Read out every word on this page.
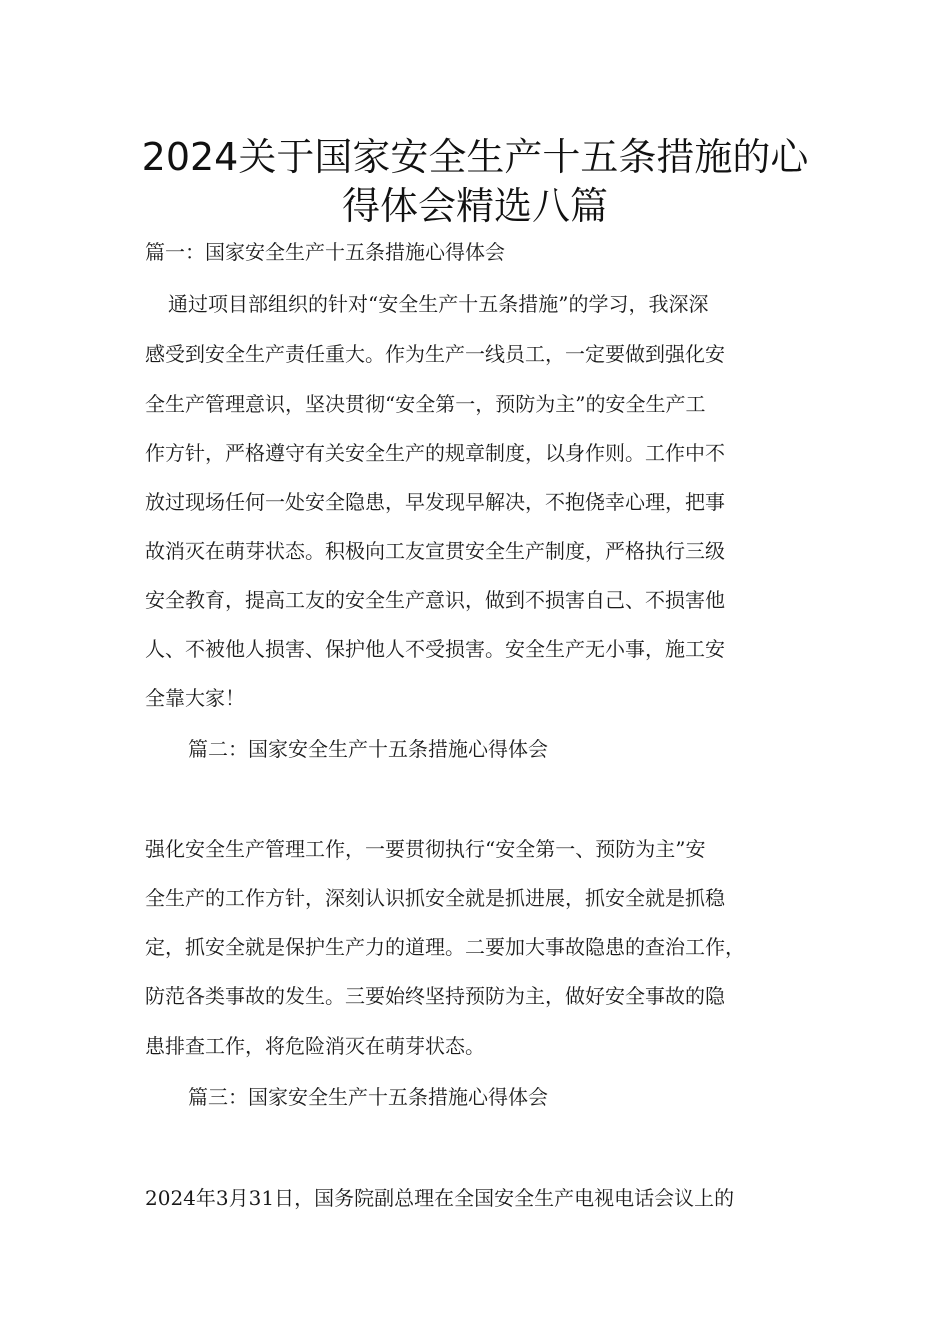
2024关于国家安全生产十五条措施的心
得体会精选八篇
篇一：国家安全生产十五条措施心得体会
通过项目部组织的针对“安全生产十五条措施”的学习，我深深
感受到安全生产责任重大。作为生产一线员工，一定要做到强化安
全生产管理意识，坚决贯彻“安全第一，预防为主”的安全生产工
作方针，严格遵守有关安全生产的规章制度，以身作则。工作中不
放过现场任何一处安全隐患，早发现早解决，不抱侥幸心理，把事
故消灭在萌芽状态。积极向工友宣贯安全生产制度，严格执行三级
安全教育，提高工友的安全生产意识，做到不损害自己、不损害他
人、不被他人损害、保护他人不受损害。安全生产无小事，施工安
全靠大家！
篇二：国家安全生产十五条措施心得体会
强化安全生产管理工作，一要贯彻执行“安全第一、预防为主”安
全生产的工作方针，深刻认识抓安全就是抓进展，抓安全就是抓稳
定，抓安全就是保护生产力的道理。二要加大事故隐患的查治工作，
防范各类事故的发生。三要始终坚持预防为主，做好安全事故的隐
患排查工作，将危险消灭在萌芽状态。
篇三：国家安全生产十五条措施心得体会
2024年3月31日，国务院副总理在全国安全生产电视电话会议上的
